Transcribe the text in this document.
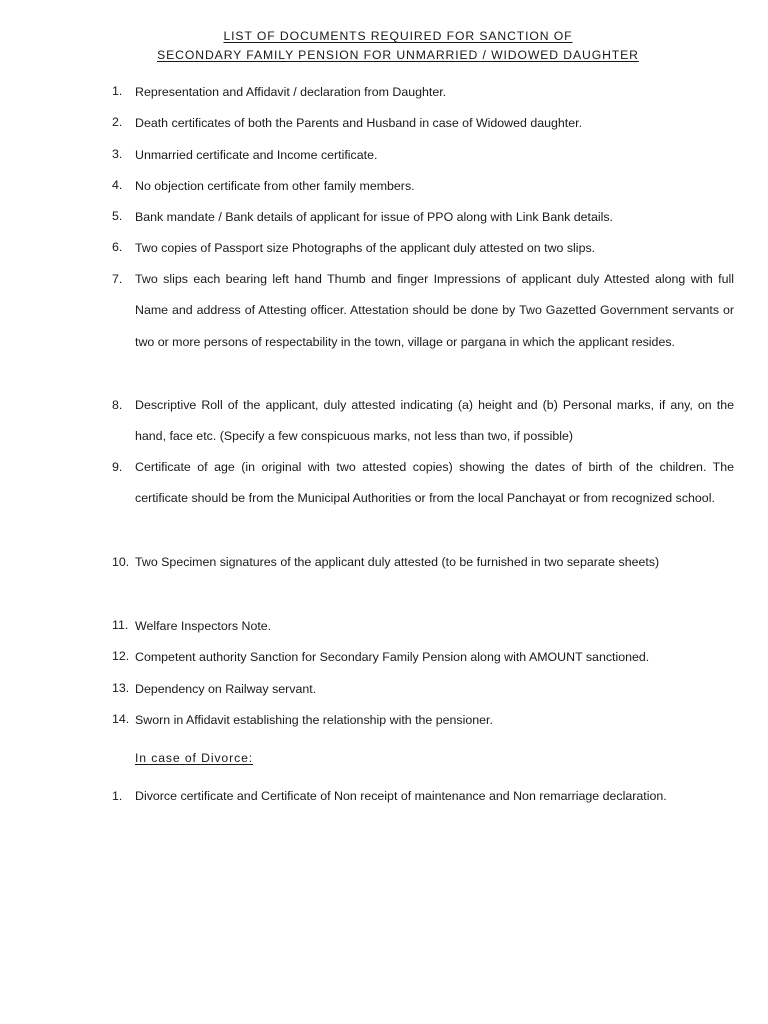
LIST OF DOCUMENTS REQUIRED FOR SANCTION OF
SECONDARY FAMILY PENSION FOR UNMARRIED / WIDOWED DAUGHTER
1. Representation and Affidavit / declaration from Daughter.
2. Death certificates of both the Parents and Husband in case of Widowed daughter.
3. Unmarried certificate and Income certificate.
4. No objection certificate from other family members.
5. Bank mandate / Bank details of applicant for issue of PPO along with Link Bank details.
6. Two copies of Passport size Photographs of the applicant duly attested on two slips.
7. Two slips each bearing left hand Thumb and finger Impressions of applicant duly Attested along with full Name and address of Attesting officer. Attestation should be done by Two Gazetted Government servants or two or more persons of respectability in the town, village or pargana in which the applicant resides.
8. Descriptive Roll of the applicant, duly attested indicating (a) height and (b) Personal marks, if any, on the hand, face etc. (Specify a few conspicuous marks, not less than two, if possible)
9. Certificate of age (in original with two attested copies) showing the dates of birth of the children. The certificate should be from the Municipal Authorities or from the local Panchayat or from recognized school.
10. Two Specimen signatures of the applicant duly attested (to be furnished in two separate sheets)
11. Welfare Inspectors Note.
12. Competent authority Sanction for Secondary Family Pension along with AMOUNT sanctioned.
13. Dependency on Railway servant.
14. Sworn in Affidavit establishing the relationship with the pensioner.
In case of Divorce:
1. Divorce certificate and Certificate of Non receipt of maintenance and Non remarriage declaration.
